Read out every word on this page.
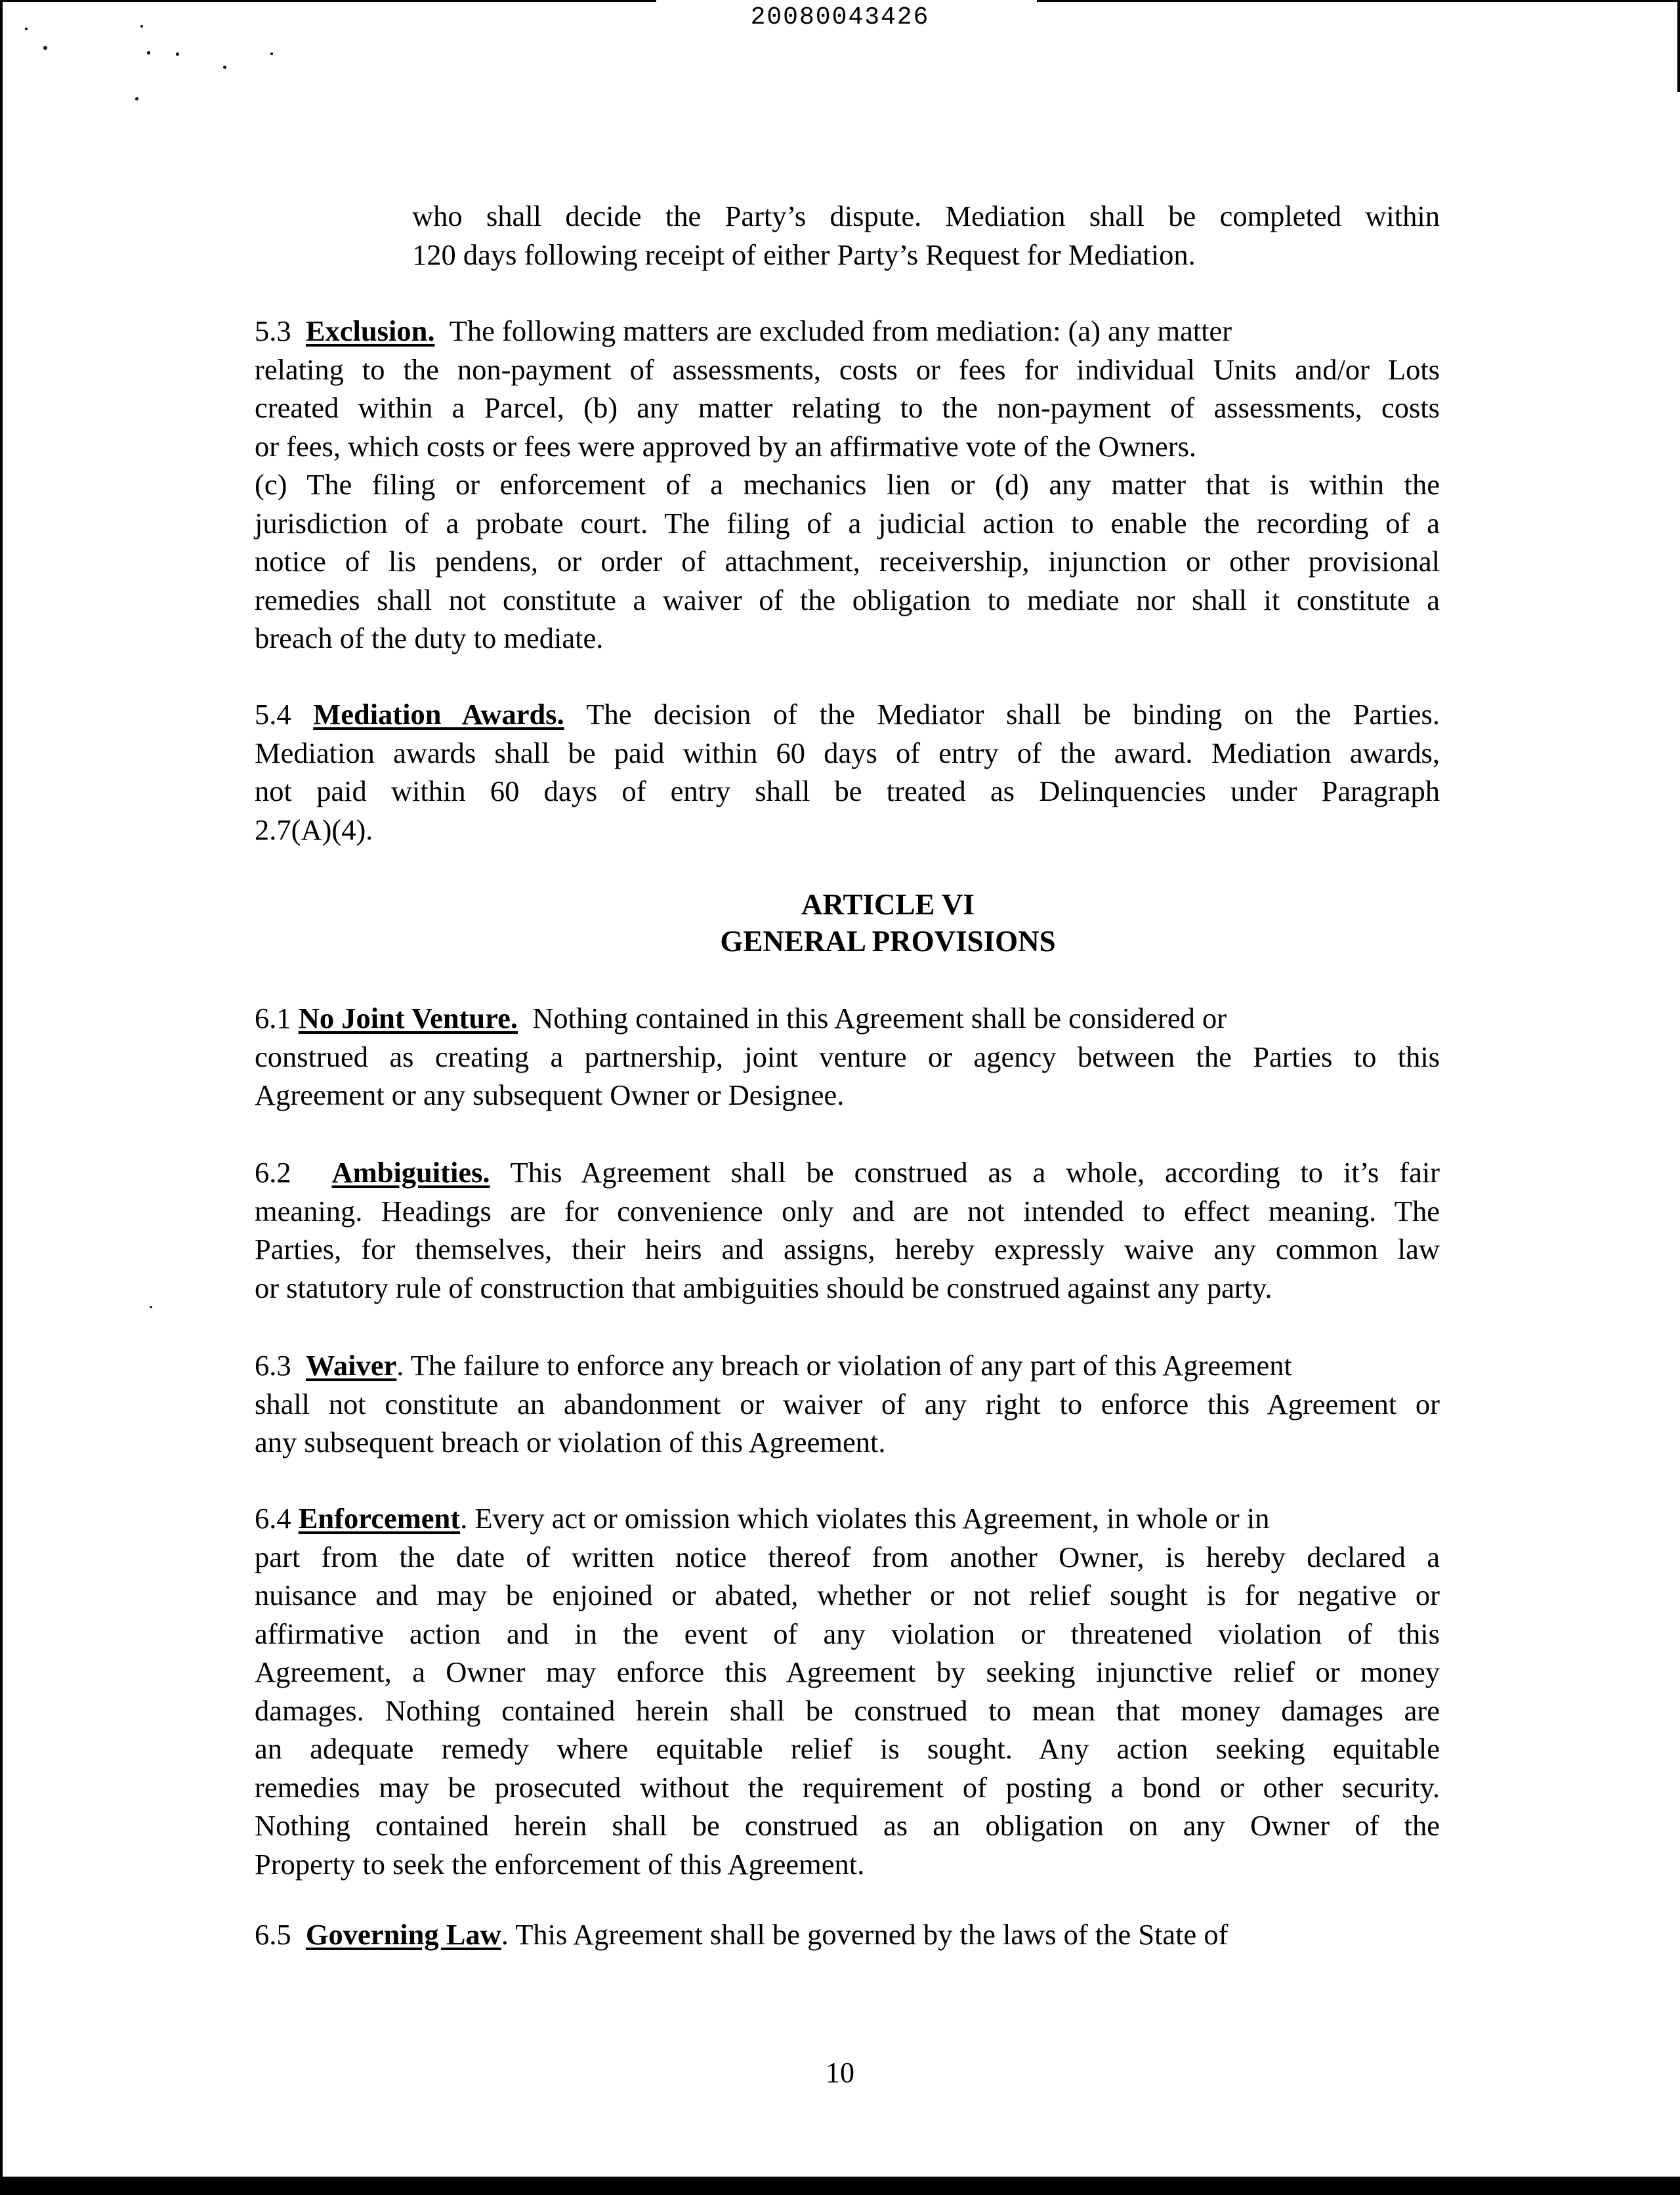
20080043426
who shall decide the Party’s dispute. Mediation shall be completed within
120 days following receipt of either Party’s Request for Mediation.
5.3 Exclusion. The following matters are excluded from mediation: (a) any matter
relating to the non-payment of assessments, costs or fees for individual Units and/or Lots
created within a Parcel, (b) any matter relating to the non-payment of assessments, costs
or fees, which costs or fees were approved by an affirmative vote of the Owners.
(c) The filing or enforcement of a mechanics lien or (d) any matter that is within the
jurisdiction of a probate court. The filing of a judicial action to enable the recording of a
notice of lis pendens, or order of attachment, receivership, injunction or other provisional
remedies shall not constitute a waiver of the obligation to mediate nor shall it constitute a
breach of the duty to mediate.
5.4 Mediation Awards. The decision of the Mediator shall be binding on the Parties.
Mediation awards shall be paid within 60 days of entry of the award. Mediation awards,
not paid within 60 days of entry shall be treated as Delinquencies under Paragraph
2.7(A)(4).
ARTICLE VI
GENERAL PROVISIONS
6.1 No Joint Venture. Nothing contained in this Agreement shall be considered or
construed as creating a partnership, joint venture or agency between the Parties to this
Agreement or any subsequent Owner or Designee.
6.2 Ambiguities. This Agreement shall be construed as a whole, according to it’s fair
meaning. Headings are for convenience only and are not intended to effect meaning. The
Parties, for themselves, their heirs and assigns, hereby expressly waive any common law
or statutory rule of construction that ambiguities should be construed against any party.
6.3 Waiver. The failure to enforce any breach or violation of any part of this Agreement
shall not constitute an abandonment or waiver of any right to enforce this Agreement or
any subsequent breach or violation of this Agreement.
6.4 Enforcement. Every act or omission which violates this Agreement, in whole or in
part from the date of written notice thereof from another Owner, is hereby declared a
nuisance and may be enjoined or abated, whether or not relief sought is for negative or
affirmative action and in the event of any violation or threatened violation of this
Agreement, a Owner may enforce this Agreement by seeking injunctive relief or money
damages. Nothing contained herein shall be construed to mean that money damages are
an adequate remedy where equitable relief is sought. Any action seeking equitable
remedies may be prosecuted without the requirement of posting a bond or other security.
Nothing contained herein shall be construed as an obligation on any Owner of the
Property to seek the enforcement of this Agreement.
6.5 Governing Law. This Agreement shall be governed by the laws of the State of
10
